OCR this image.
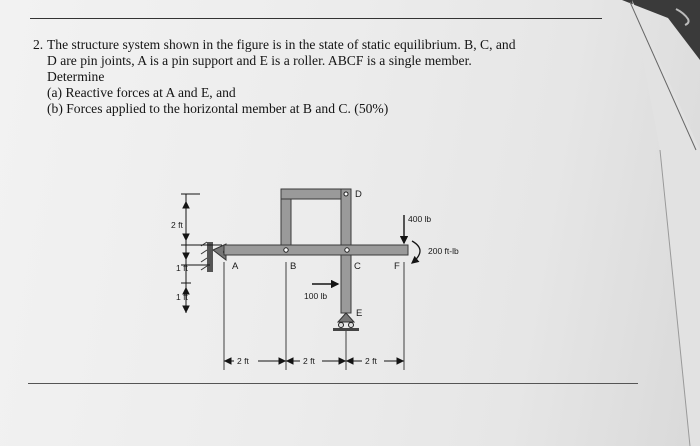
2. The structure system shown in the figure is in the state of static equilibrium. B, C, and

D are pin joints, A is a pin support and E is a roller. ABCF is a single member.

Determine

(a) Reactive forces at A and E, and

(b) Forces applied to the horizontal member at B and C. (50%)

A	B	C
D
E
F
400 lb
200 ft-lb
100 lb
2 ft
1 ft
1 ft
2 ft	2 ft	2 ft
